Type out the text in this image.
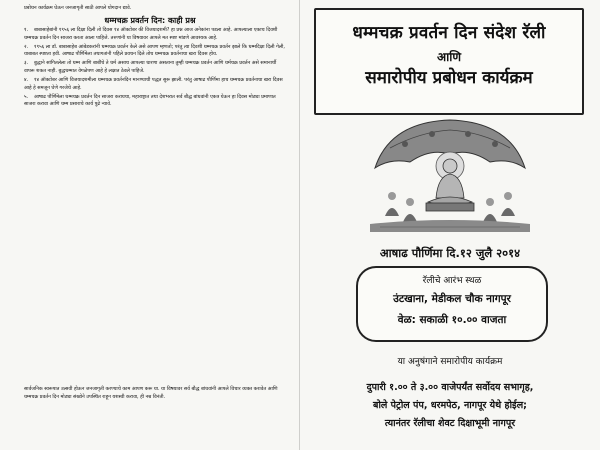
प्रबोधन कार्यक्रम घेऊन जनजागृती साठी आपले योगदान द्यावे.
धम्मचक्र प्रवर्तन दिन: काही प्रश्न

१. बाबासाहेबांनी १९५६ ला दिक्षा दिली तो दिवस १४ ऑक्टोबर की विजयादशमी? हा प्रश्न आज अनेकांना पडला आहे. आपल्याला एकाच दिवशी धम्मचक्र प्रवर्तन दिन साजरा करता आला पाहिजे. तरुणांनी या विषयावर आपले मत स्पष्ट मांडणे आवश्यक आहे.

२. १९५६ ला डॉ. बाबासाहेब आंबेडकरांनी धम्मचक्र प्रवर्तन केले असे आपण म्हणतो; परंतु त्या दिवशी धम्मचक्र प्रवर्तन झाले कि धम्मदिक्षा दिली गेली, याबाबत स्पष्टता हवी. आषाढ पौर्णिमेला तथागतांनी पहिले प्रवचन दिले तोच धम्मचक्र प्रवर्तनाचा खरा दिवस होय.

३. बुद्धाने सांगितलेला तो धम्म आणि बाबींचे ते धर्म असाच आपल्या धारणा असताना तुम्ही धम्मचक्र प्रवर्तन आणि धर्मचक्र प्रवर्तन असे समानार्थी वापरू शकत नाही. बुद्धधम्मात वेगळेपण आहे हे लक्षात ठेवले पाहिजे.

४. १४ ऑक्टोबर आणि विजयादशमीला धम्मचक्र प्रवर्तनदिन मानण्याची पद्धत सुरू झाली. परंतु आषाढ पौर्णिमा हाच धम्मचक्र प्रवर्तनाचा खरा दिवस आहे हे समजून घेणे गरजेचे आहे.

५. आषाढ पौर्णिमेला धम्मचक्र प्रवर्तन दिन साजरा करायचा, महाराष्ट्रात तथा देशभरात सर्व बौद्ध बांधवांनी एकत्र येऊन हा दिवस मोठ्या प्रमाणात साजरा करावा आणि धम्म प्रसाराचे कार्य पुढे न्यावे.

सार्वजनिक स्वरूपात उत्सवी होऊन जनजागृती करण्याचे काम आपण करू या. या विषयावर सर्व बौद्ध बांधवांनी आपले विचार व्यक्त करावेत आणि धम्मचक्र प्रवर्तन दिन मोठ्या संख्येने उपस्थित राहून यशस्वी करावा, ही नम्र विनंती.

धम्मचक्र प्रवर्तन दिन संदेश रॅली
आणि
समारोपीय प्रबोधन कार्यक्रम
आषाढ पौर्णिमा दि.१२ जुलै २०१४
रॅलीचे आरंभ स्थळ
उंटखाना, मेडीकल चौक नागपूर
वेळ: सकाळी १०.०० वाजता
या अनुषंगाने समारोपीय कार्यक्रम
दुपारी १.०० ते ३.०० वाजेपर्यंत सर्वोदय सभागृह,
बोले पेट्रोल पंप, धरमपेठ, नागपूर येथे होईल;
त्यानंतर रॅलीचा शेवट दिक्षाभूमी नागपूर
